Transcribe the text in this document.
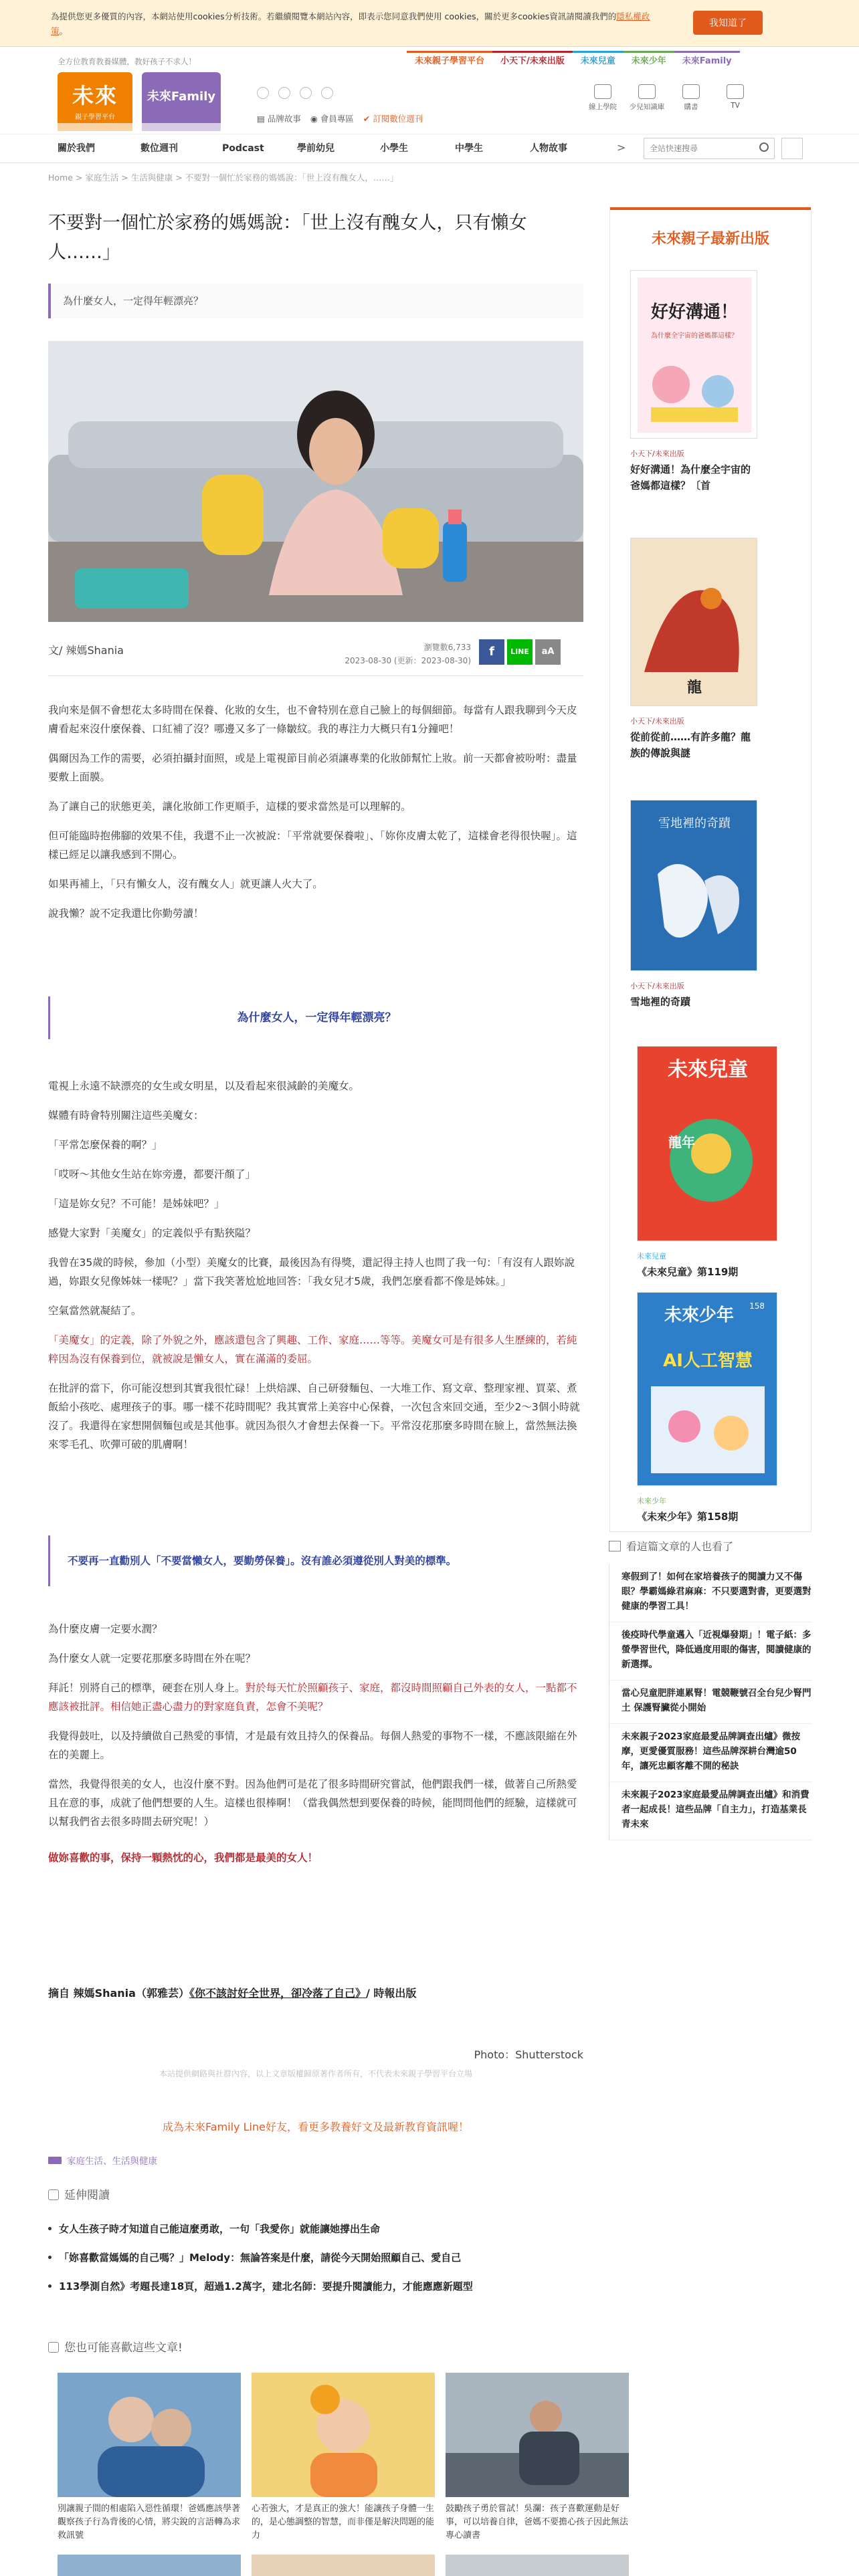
為提供您更多優質的內容，本網站使用cookies分析技術。若繼續閱覽本網站內容，即表示您同意我們使用 cookies，關於更多cookies資訊請閱讀我們的隱私權政策。
我知道了
全方位教育教養媒體，教好孩子不求人！
未來
親子學習平台
未來Family
▤ 品牌故事 ◉ 會員專區 ✔ 訂閱數位週刊
未來親子學習平台	小天下/未來出版	未來兒童	未來少年	未來Family
線上學院	少兒知識庫	購書	TV
關於我們	數位週刊	Podcast	學前幼兒	小學生	中學生	人物故事	>
全站快速搜尋
Home > 家庭生活 > 生活與健康 > 不要對一個忙於家務的媽媽說：「世上沒有醜女人，……」
不要對一個忙於家務的媽媽說：「世上沒有醜女人，只有懶女人……」
為什麼女人，一定得年輕漂亮？
文/ 辣媽Shania	瀏覽數6,733
2023-08-30 (更新：2023-08-30)
f	LINE	aA

我向來是個不會想花太多時間在保養、化妝的女生，也不會特別在意自己臉上的每個細節。每當有人跟我聊到今天皮膚看起來沒什麼保養、口紅補了沒？哪邊又多了一條皺紋。我的專注力大概只有1分鐘吧！

偶爾因為工作的需要，必須拍攝封面照，或是上電視節目前必須讓專業的化妝師幫忙上妝。前一天都會被吩咐：盡量要敷上面膜。

為了讓自己的狀態更美，讓化妝師工作更順手，這樣的要求當然是可以理解的。

但可能臨時抱佛腳的效果不佳，我還不止一次被說：「平常就要保養啦」、「妳你皮膚太乾了，這樣會老得很快喔」。這樣已經足以讓我感到不開心。

如果再補上，「只有懶女人，沒有醜女人」就更讓人火大了。

說我懶？說不定我還比你勤勞讀！

為什麼女人，一定得年輕漂亮？

電視上永遠不缺漂亮的女生或女明星，以及看起來很減齡的美魔女。

媒體有時會特別關注這些美魔女：

「平常怎麼保養的啊？」

「哎呀～其他女生站在妳旁邊，都要汗顏了」

「這是妳女兒？不可能！是姊妹吧？」

感覺大家對「美魔女」的定義似乎有點狹隘？

我曾在35歲的時候，參加（小型）美魔女的比賽，最後因為有得獎，還記得主持人也問了我一句：「有沒有人跟妳說過，妳跟女兒像姊妹一樣呢？」當下我笑著尬尬地回答：「我女兒才5歲，我們怎麼看都不像是姊妹。」

空氣當然就凝結了。

「美魔女」的定義，除了外貌之外，應該還包含了興趣、工作、家庭……等等。美魔女可是有很多人生歷練的，若純粹因為沒有保養到位，就被說是懶女人，實在滿滿的委屈。

在批評的當下，你可能沒想到其實我很忙碌！上烘焙課、自己研發麵包、一大堆工作、寫文章、整理家裡、買菜、煮飯給小孩吃、處理孩子的事。哪一樣不花時間呢？我其實常上美容中心保養，一次包含來回交通，至少2～3個小時就沒了。我還得在家想開個麵包或是其他事。就因為很久才會想去保養一下。平常沒花那麼多時間在臉上，當然無法換來零毛孔、吹彈可破的肌膚啊！

不要再一直勸別人「不要當懶女人，要勤勞保養」。沒有誰必須遵從別人對美的標準。

為什麼皮膚一定要水潤？

為什麼女人就一定要花那麼多時間在外在呢？

拜託！別將自己的標準，硬套在別人身上。對於每天忙於照顧孩子、家庭，都沒時間照顧自己外表的女人，一點都不應該被批評。相信她正盡心盡力的對家庭負責，怎會不美呢？

我覺得鼓吐，以及持續做自己熱愛的事情，才是最有效且持久的保養品。每個人熱愛的事物不一樣，不應該限縮在外在的美麗上。

當然，我覺得很美的女人，也沒什麼不對。因為他們可是花了很多時間研究嘗試，他們跟我們一樣，做著自己所熱愛且在意的事，成就了他們想要的人生。這樣也很棒啊！（當我偶然想到要保養的時候，能問問他們的經驗，這樣就可以幫我們省去很多時間去研究呢！）

做妳喜歡的事，保持一顆熱忱的心，我們都是最美的女人！

摘自 辣媽Shania（郭雅芸）《你不該討好全世界，卻冷落了自己》/ 時報出版
Photo：Shutterstock
本站提供網路與社群內容，以上文章版權歸原著作者所有，不代表未來親子學習平台立場
成為未來Family Line好友，看更多教養好文及最新教育資訊喔！
家庭生活、生活與健康
延伸閱讀
女人生孩子時才知道自己能這麼勇敢，一句「我愛你」就能讓她撐出生命
「妳喜歡當媽媽的自己嗎？」Melody：無論答案是什麼，請從今天開始照顧自己、愛自己
113學測自然》考題長達18頁，超過1.2萬字，建北名師：要提升閱讀能力，才能應應新題型
您也可能喜歡這些文章!
別讓親子間的相處陷入惡性循環！爸媽應該學著觀察孩子行為背後的心情，將尖銳的言語轉為求救訊號
心若強大，才是真正的強大！能讓孩子身體一生的，是心態調整的智慧，而非僅是解決問題的能力
鼓勵孩子勇於嘗試！吳瀾：孩子喜歡運動是好事，可以培養自律，爸媽不要擔心孩子因此無法專心讀書
未來親子最新出版
好好溝通！
為什麼全宇宙的爸媽都這樣？
小天下/未來出版
好好溝通！為什麼全宇宙的爸媽都這樣？〔首
龍
小天下/未來出版
從前從前……有許多龍？龍族的傳說與謎
雪地裡的奇蹟
小天下/未來出版
雪地裡的奇蹟
未來兒童
龍年
未來兒童
《未來兒童》第119期
未來少年 158
AI人工智慧
未來少年
《未來少年》第158期
看這篇文章的人也看了
寒假到了！如何在家培養孩子的閱讀力又不傷眼？學霸媽綠君麻麻：不只要選對書，更要選對健康的學習工具！
後疫時代學童邁入「近視爆發期」！電子紙：多螢學習世代，降低過度用眼的傷害，閱讀健康的新選擇。
當心兒童肥胖連累腎！電競鞭號召全台兒少腎門土 保護腎臟從小開始
未來親子2023家庭最愛品牌調查出爐》微按摩，更愛優質服務！這些品牌深耕台灣逾50年，讓死忠顧客離不開的秘訣
未來親子2023家庭最愛品牌調查出爐》和消費者一起成長！這些品牌「自主力」，打造基業長青未來
